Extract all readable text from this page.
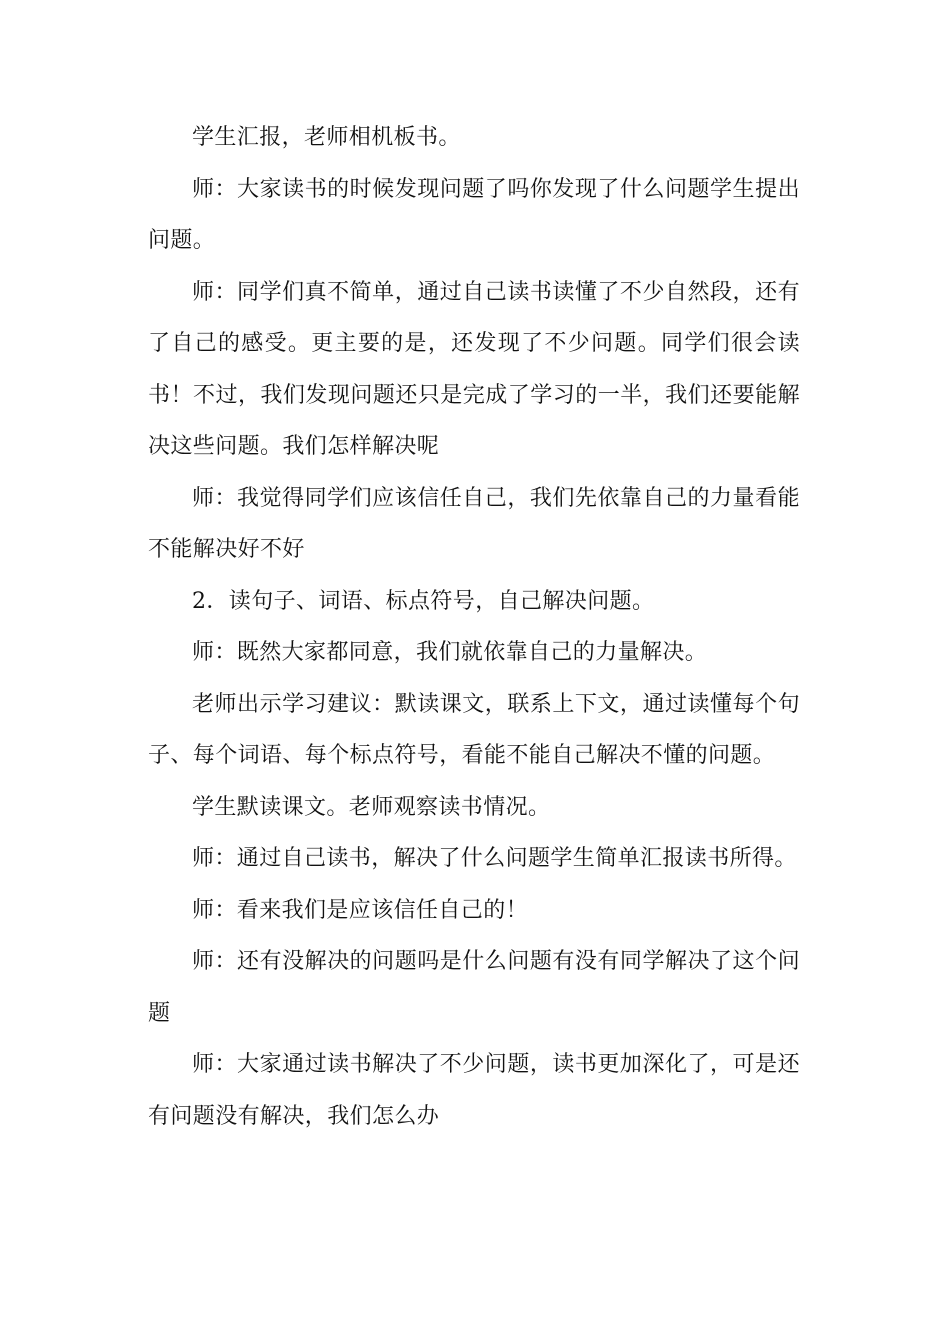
学生汇报，老师相机板书。

师：大家读书的时候发现问题了吗你发现了什么问题学生提出问题。

师：同学们真不简单，通过自己读书读懂了不少自然段，还有了自己的感受。更主要的是，还发现了不少问题。同学们很会读书！不过，我们发现问题还只是完成了学习的一半，我们还要能解决这些问题。我们怎样解决呢

师：我觉得同学们应该信任自己，我们先依靠自己的力量看能不能解决好不好

2．读句子、词语、标点符号，自己解决问题。

师：既然大家都同意，我们就依靠自己的力量解决。

老师出示学习建议：默读课文，联系上下文，通过读懂每个句子、每个词语、每个标点符号，看能不能自己解决不懂的问题。

学生默读课文。老师观察读书情况。

师：通过自己读书，解决了什么问题学生简单汇报读书所得。

师：看来我们是应该信任自己的！

师：还有没解决的问题吗是什么问题有没有同学解决了这个问题

师：大家通过读书解决了不少问题，读书更加深化了，可是还有问题没有解决，我们怎么办
